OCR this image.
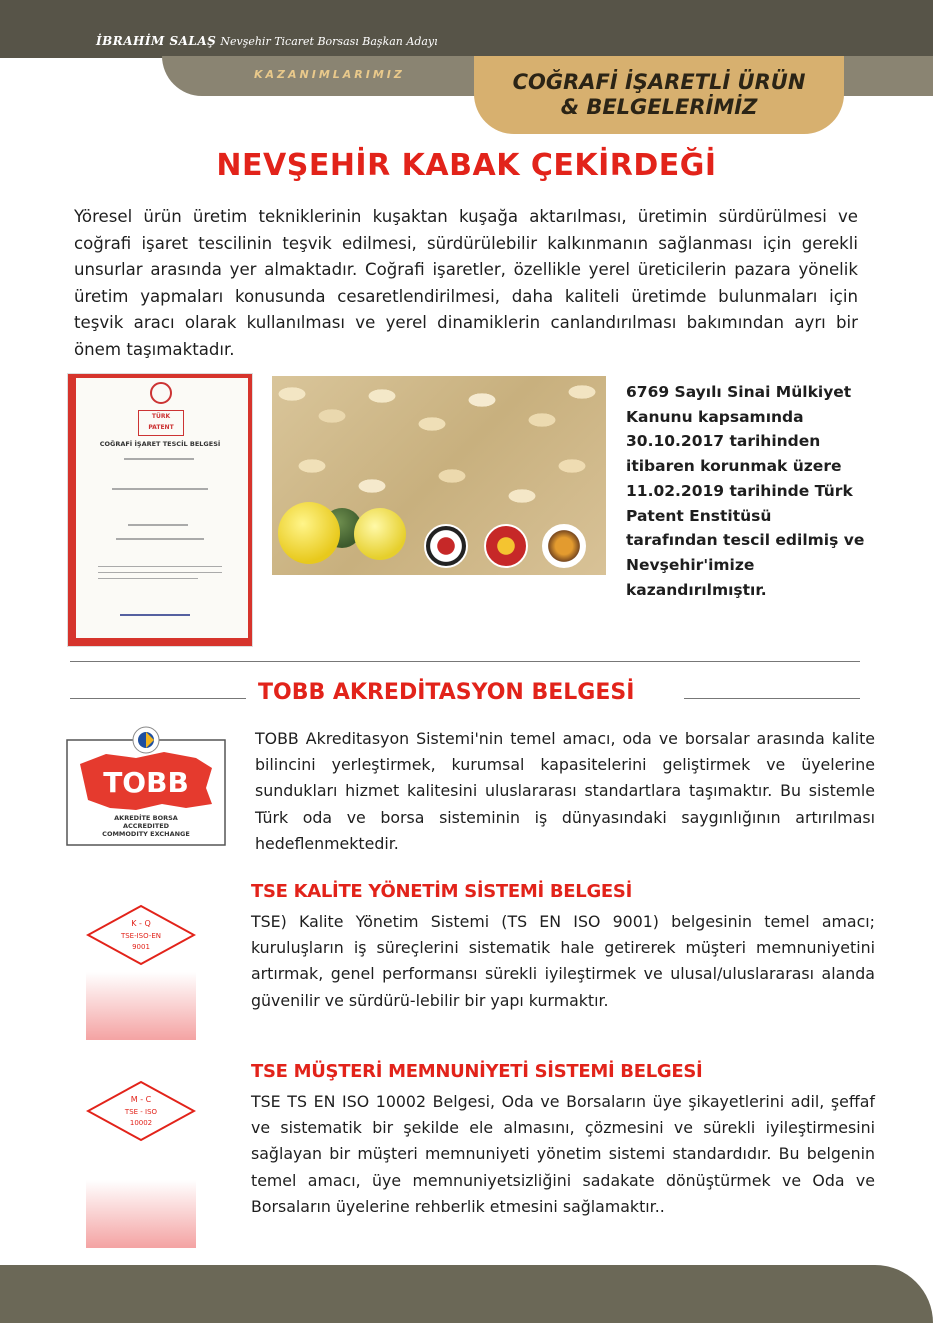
İBRAHİM SALAŞ Nevşehir Ticaret Borsası Başkan Adayı
KAZANIMLARIMIZ	COĞRAFİ İŞARETLİ ÜRÜN
& BELGELERİMİZ
NEVŞEHİR KABAK ÇEKİRDEĞİ
Yöresel ürün üretim tekniklerinin kuşaktan kuşağa aktarılması, üretimin sürdürülmesi ve coğrafi işaret tescilinin teşvik edilmesi, sürdürülebilir kalkınmanın sağlanması için gerekli unsurlar arasında yer almaktadır. Coğrafi işaretler, özellikle yerel üreticilerin pazara yönelik üretim yapmaları konusunda cesaretlendirilmesi, daha kaliteli üretimde bulunmaları için teşvik aracı olarak kullanılması ve yerel dinamiklerin canlandırılması bakımından ayrı bir önem taşımaktadır.
TÜRK PATENT
COĞRAFİ İŞARET TESCİL BELGESİ
6769 Sayılı Sinai Mülkiyet Kanunu kapsamında 30.10.2017 tarihinden itibaren korunmak üzere 11.02.2019 tarihinde Türk Patent Enstitüsü tarafından tescil edilmiş ve Nevşehir'imize kazandırılmıştır.
TOBB AKREDİTASYON BELGESİ
TOBB
AKREDİTE BORSA
ACCREDITED
COMMODITY EXCHANGE
TOBB Akreditasyon Sistemi'nin temel amacı, oda ve borsalar arasında kalite bilincini yerleştirmek, kurumsal kapasitelerini geliştirmek ve üyelerine sundukları hizmet kalitesini uluslararası standartlara taşımaktır. Bu sistemle Türk oda ve borsa sisteminin iş dünyasındaki saygınlığının artırılması hedeflenmektedir.
K - Q
TSE-ISO-EN
9001
TSE KALİTE YÖNETİM SİSTEMİ BELGESİ
TSE) Kalite Yönetim Sistemi (TS EN ISO 9001) belgesinin temel amacı; kuruluşların iş süreçlerini sistematik hale getirerek müşteri memnuniyetini artırmak, genel performansı sürekli iyileştirmek ve ulusal/uluslararası alanda güvenilir ve sürdürü-lebilir bir yapı kurmaktır.
M - C
TSE - ISO
10002
TSE MÜŞTERİ MEMNUNİYETİ SİSTEMİ BELGESİ
TSE TS EN ISO 10002 Belgesi, Oda ve Borsaların üye şikayetlerini adil, şeffaf ve sistematik bir şekilde ele almasını, çözmesini ve sürekli iyileştirmesini sağlayan bir müşteri memnuniyeti yönetim sistemi standardıdır. Bu belgenin temel amacı, üye memnuniyetsizliğini sadakate dönüştürmek ve Oda ve Borsaların üyelerine rehberlik etmesini sağlamaktır..
